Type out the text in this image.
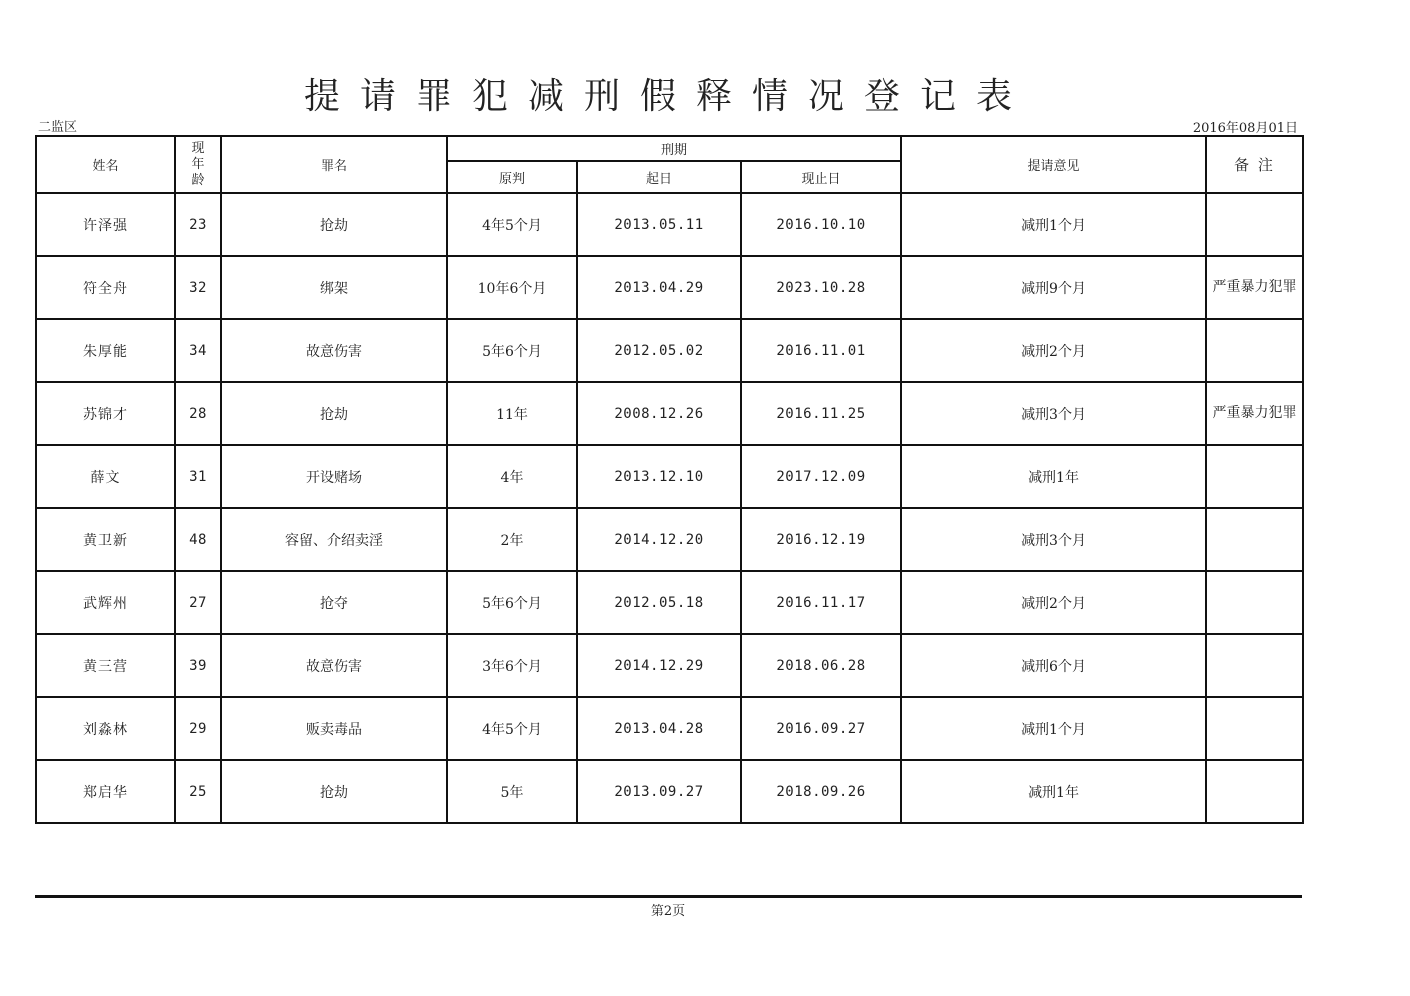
提请罪犯减刑假释情况登记表
二监区	2016年08月01日
姓名	现
年
龄	罪名	刑期			提请意见	备 注
			原判	起日	现止日		
许泽强	23	抢劫	4年5个月	2013.05.11	2016.10.10	减刑1个月	
符全舟	32	绑架	10年6个月	2013.04.29	2023.10.28	减刑9个月	严重暴力犯罪
朱厚能	34	故意伤害	5年6个月	2012.05.02	2016.11.01	减刑2个月	
苏锦才	28	抢劫	11年	2008.12.26	2016.11.25	减刑3个月	严重暴力犯罪
薛文	31	开设赌场	4年	2013.12.10	2017.12.09	减刑1年	
黄卫新	48	容留、介绍卖淫	2年	2014.12.20	2016.12.19	减刑3个月	
武辉州	27	抢夺	5年6个月	2012.05.18	2016.11.17	减刑2个月	
黄三营	39	故意伤害	3年6个月	2014.12.29	2018.06.28	减刑6个月	
刘淼林	29	贩卖毒品	4年5个月	2013.04.28	2016.09.27	减刑1个月	
郑启华	25	抢劫	5年	2013.09.27	2018.09.26	减刑1年	
第2页
